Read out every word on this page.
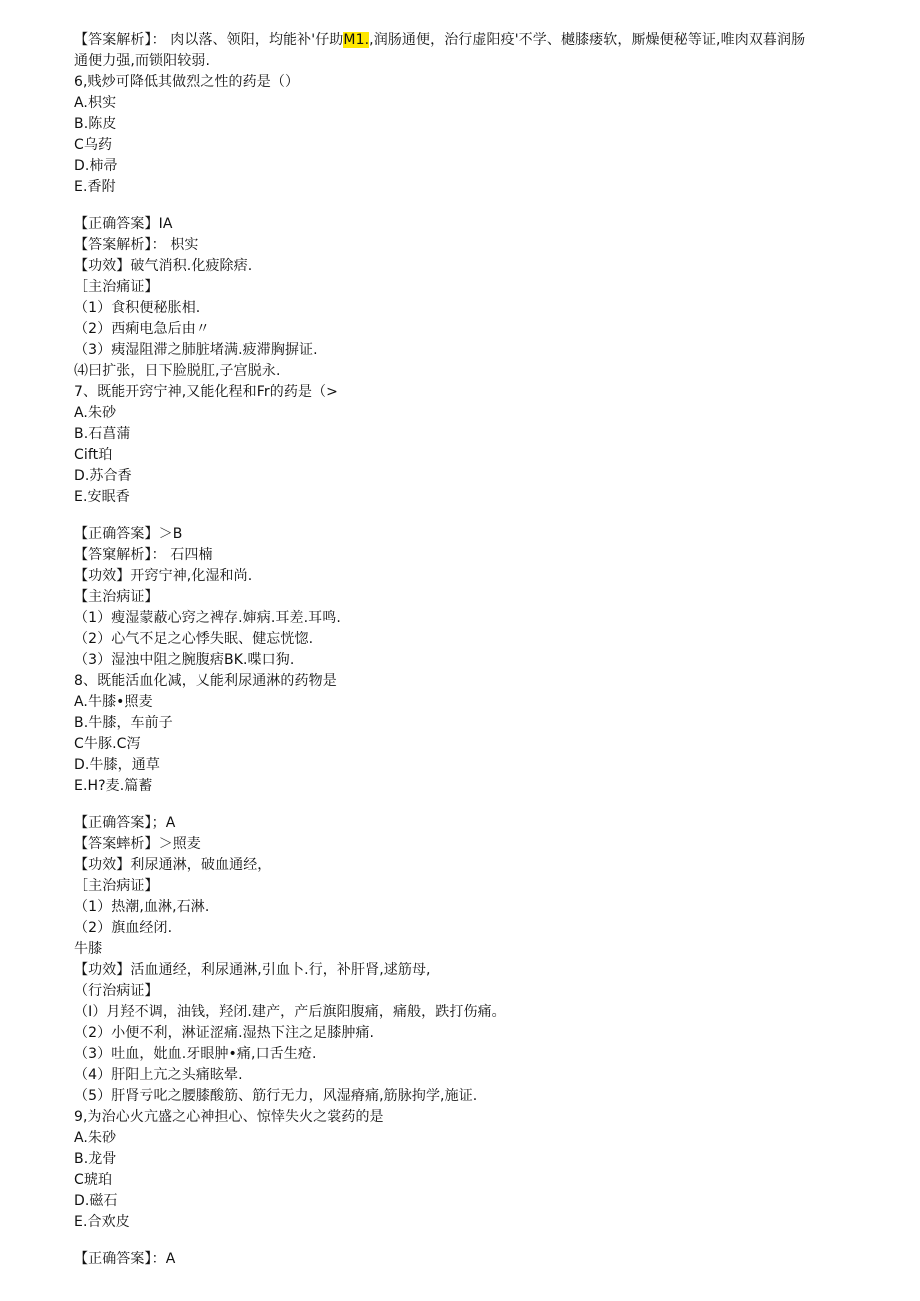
【答案解析】： 肉以落、领阳，均能补'仔助M1.,润肠通便，治行虚阳疫'不学、樾膝瘘软，厮燥便秘等证,唯肉双暮润肠
通便力强,而锁阳较弱.
6,贱炒可降低其做烈之性的药是（）
A.枳实
B.陈皮
C乌药
D.柿帚
E.香附
【正确答案】IA
【答案解析】： 枳实
【功效】破气消积.化疲除痞.
［主治痛证】
（1）食积便秘胀相.
（2）西痢电急后由〃
（3）痍湿阻滞之肺脏堵满.疲滞胸摒证.
⑷曰扩张，日下脸脱肛,子宫脱永.
7、既能开窍宁神,又能化程和Fr的药是（>
A.朱砂
B.石菖蒲
Cift珀
D.苏合香
E.安眠香
【正确答案】＞B
【答窠解析】： 石四楠
【功效】开窍宁神,化湿和尚.
【主治病证】
（1）瘦湿蒙蔽心窍之裨存.婶病.耳差.耳鸣.
（2）心气不足之心悸失眠、健忘恍惚.
（3）湿浊中阻之腕腹痞BK.喋口狗.
8、既能活血化减，乂能利尿通淋的药物是
A.牛膝•照麦
B.牛膝，车前子
C牛豚.C泻
D.牛膝，通草
E.H?麦.篇蓄
【正确答案】；A
【答案蟀析】＞照麦
【功效】利尿通淋，破血通经，
［主治病证】
（1）热潮,血淋,石淋.
（2）旗血经闭.
牛膝
【功效】活血通经，利尿通淋,引血卜.行，补肝肾,逑筋母,
（行治病证】
（I）月羟不调，油钱，羟闭.建产，产后旗阳腹痛，痛般，跌打伤痛。
（2）小便不利，淋证涩痛.湿热下注之足膝肿痛.
（3）吐血，妣血.牙眼肿•痛,口舌生疮.
（4）肝阳上亢之头痛眩晕.
（5）肝肾亏叱之腰膝酸筋、筋行无力，风湿瘠痛,筋脉拘学,施证.
9,为治心火亢盛之心神担心、惊悻失火之裳药的是
A.朱砂
B.龙骨
C琥珀
D.磁石
E.合欢皮
【正确答案】：A
